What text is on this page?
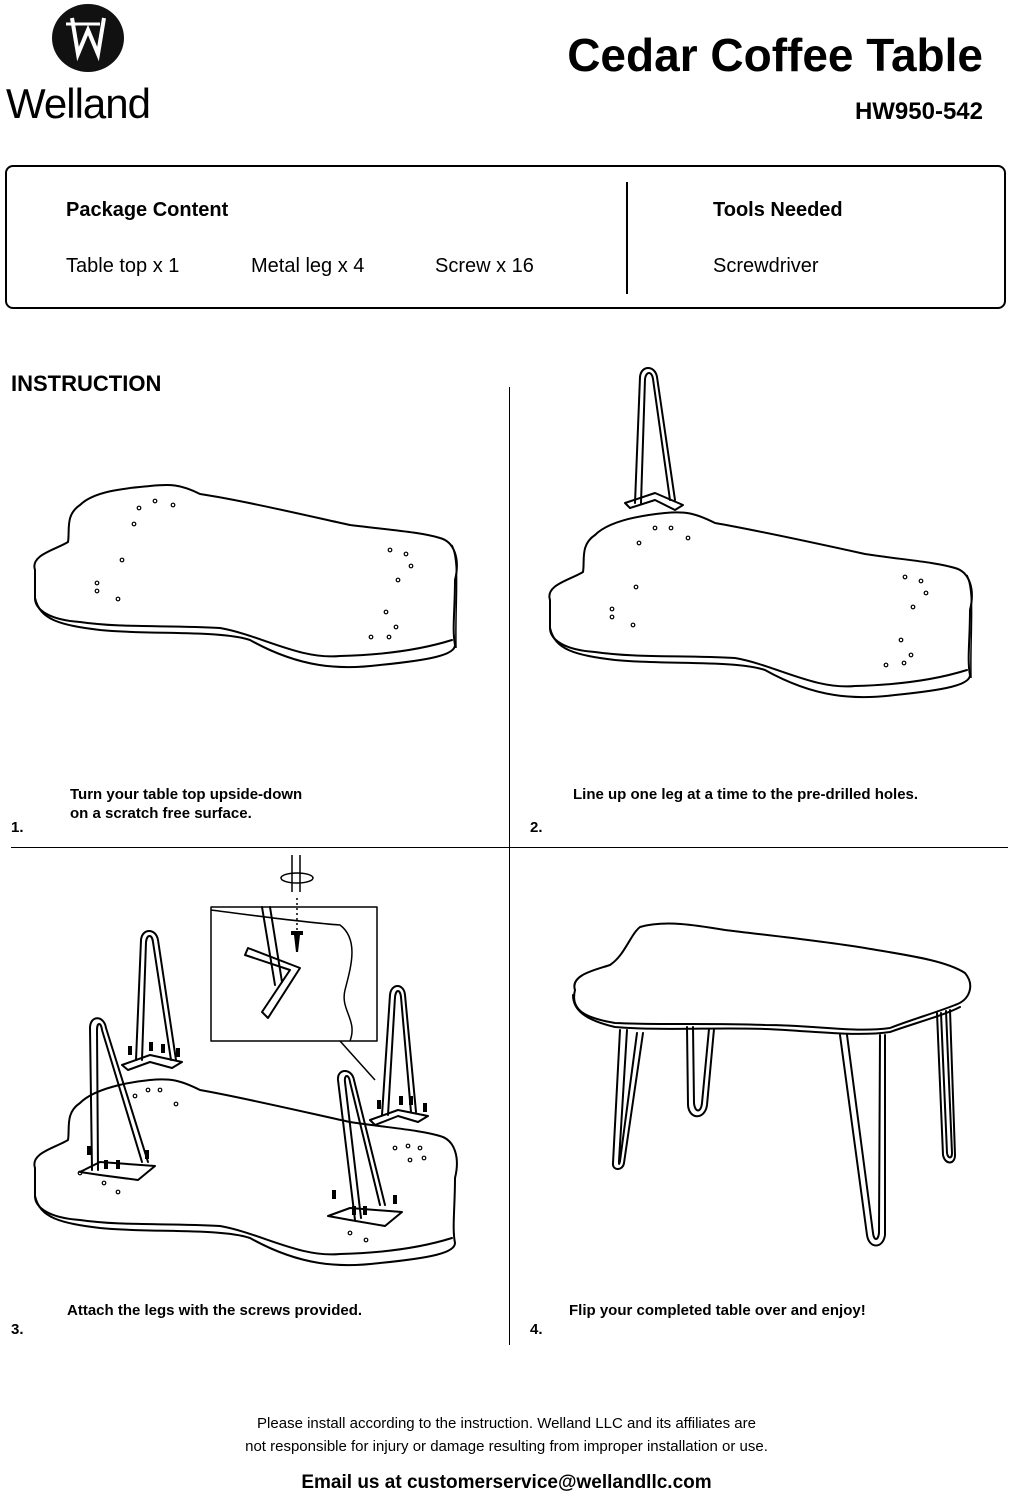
Welland
Cedar Coffee Table
HW950-542
Package Content
Table top x 1	Metal leg x 4	Screw x 16
Tools Needed
Screwdriver
INSTRUCTION
Turn your table top upside-down
on a scratch free surface.
1.
Line up one leg at a time to the pre-drilled holes.
2.
Attach the legs with the screws provided.
3.
Flip your completed table over and enjoy!
4.
Please install according to the instruction. Welland LLC and its affiliates are
not responsible for injury or damage resulting from improper installation or use.
Email us at customerservice@wellandllc.com
